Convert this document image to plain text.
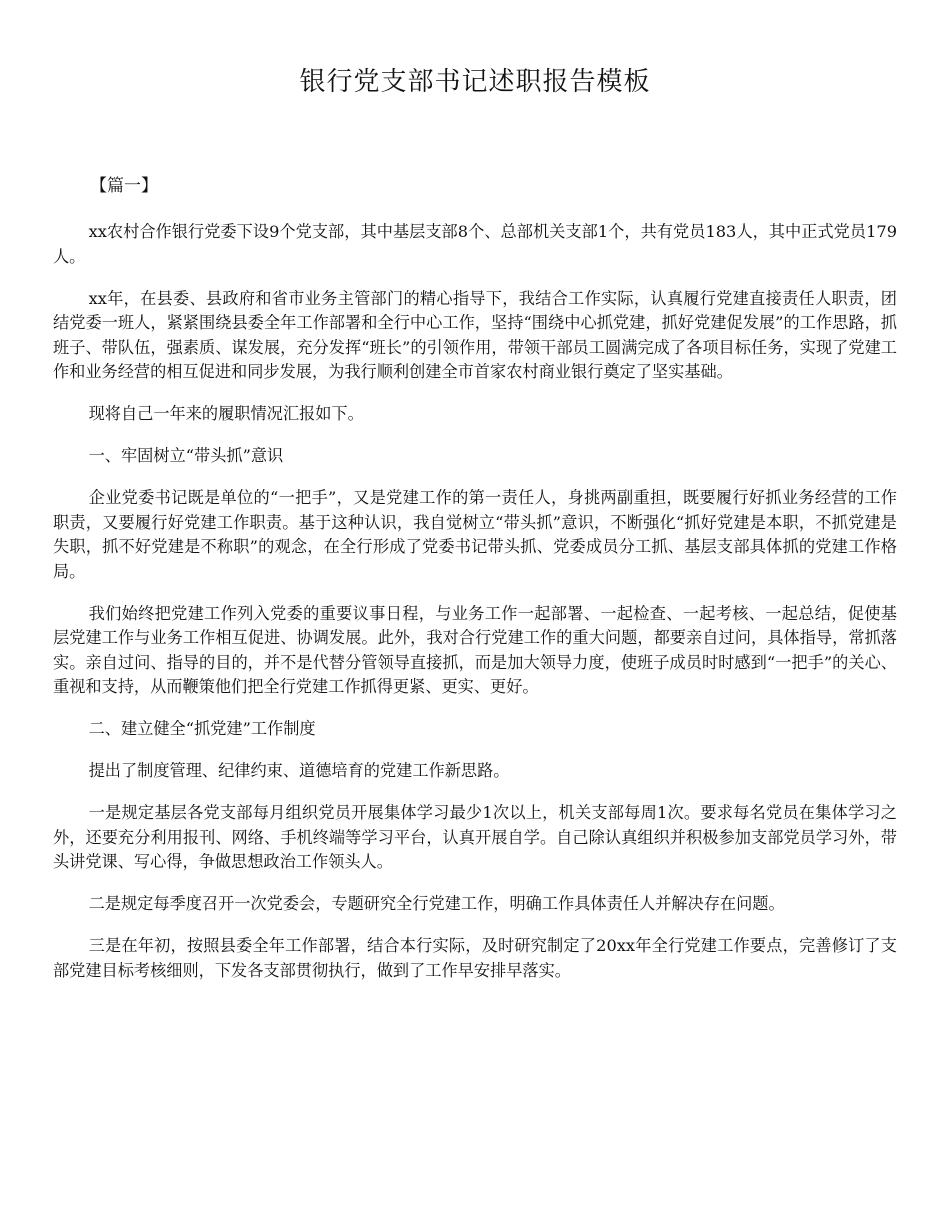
银行党支部书记述职报告模板
【篇一】

xx农村合作银行党委下设9个党支部，其中基层支部8个、总部机关支部1个，共有党员183人，其中正式党员179人。

xx年，在县委、县政府和省市业务主管部门的精心指导下，我结合工作实际，认真履行党建直接责任人职责，团结党委一班人，紧紧围绕县委全年工作部署和全行中心工作，坚持“围绕中心抓党建，抓好党建促发展”的工作思路，抓班子、带队伍，强素质、谋发展，充分发挥“班长”的引领作用，带领干部员工圆满完成了各项目标任务，实现了党建工作和业务经营的相互促进和同步发展，为我行顺利创建全市首家农村商业银行奠定了坚实基础。

现将自己一年来的履职情况汇报如下。

一、牢固树立“带头抓”意识

企业党委书记既是单位的“一把手”，又是党建工作的第一责任人，身挑两副重担，既要履行好抓业务经营的工作职责，又要履行好党建工作职责。基于这种认识，我自觉树立“带头抓”意识，不断强化“抓好党建是本职，不抓党建是失职，抓不好党建是不称职”的观念，在全行形成了党委书记带头抓、党委成员分工抓、基层支部具体抓的党建工作格局。

我们始终把党建工作列入党委的重要议事日程，与业务工作一起部署、一起检查、一起考核、一起总结，促使基层党建工作与业务工作相互促进、协调发展。此外，我对合行党建工作的重大问题，都要亲自过问，具体指导，常抓落实。亲自过问、指导的目的，并不是代替分管领导直接抓，而是加大领导力度，使班子成员时时感到“一把手”的关心、重视和支持，从而鞭策他们把全行党建工作抓得更紧、更实、更好。

二、建立健全“抓党建”工作制度

提出了制度管理、纪律约束、道德培育的党建工作新思路。

一是规定基层各党支部每月组织党员开展集体学习最少1次以上，机关支部每周1次。要求每名党员在集体学习之外，还要充分利用报刊、网络、手机终端等学习平台，认真开展自学。自己除认真组织并积极参加支部党员学习外，带头讲党课、写心得，争做思想政治工作领头人。

二是规定每季度召开一次党委会，专题研究全行党建工作，明确工作具体责任人并解决存在问题。

三是在年初，按照县委全年工作部署，结合本行实际，及时研究制定了20xx年全行党建工作要点，完善修订了支部党建目标考核细则，下发各支部贯彻执行，做到了工作早安排早落实。
